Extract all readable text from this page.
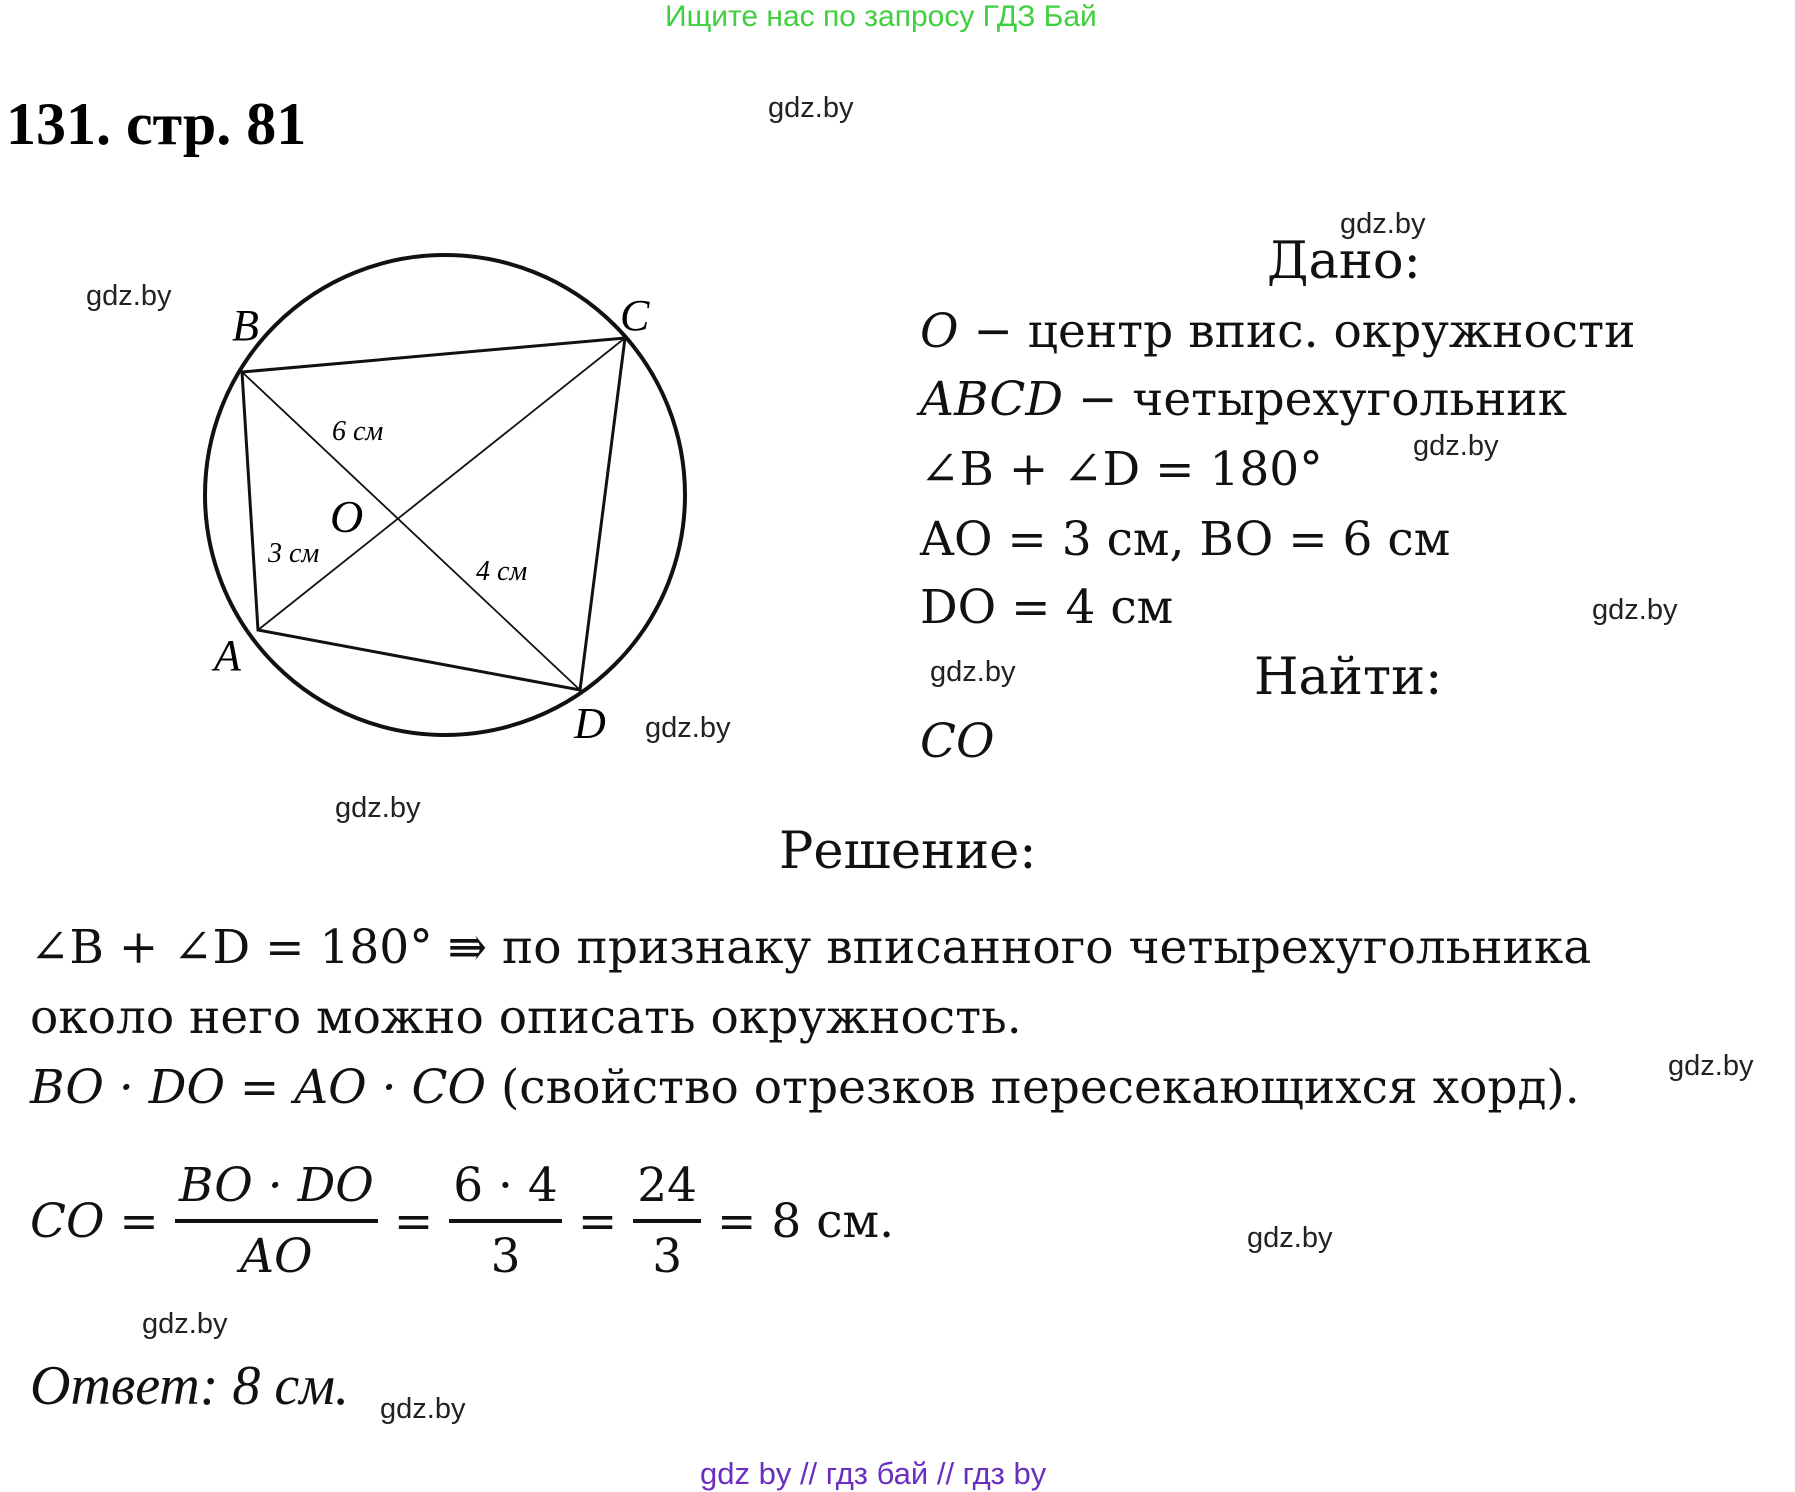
Ищите нас по запросу ГДЗ Бай
131. стр. 81	gdz.by
gdz.by
gdz.by
gdz.by
gdz.by
gdz.by
gdz.by
gdz.by
gdz.by
gdz.by
gdz.by
gdz.by
B	C
A
D
O
6 см
3 см
4 см
Дано:
O − центр впис. окружности
ABCD − четырехугольник
∠B + ∠D = 180°
AO = 3 см, BO = 6 см
DO = 4 см
Найти:
CO
Решение:
∠B + ∠D = 180° ⇛ по признаку вписанного четырехугольника
около него можно описать окружность.
BO · DO = AO · CO (свойство отрезков пересекающихся хорд).
CO = $\frac{BO \cdot DO}{AO} = \frac{6 \cdot 4}{3} = \frac{24}{3} = 8$ см.
Ответ: 8 см.
gdz by // гдз бай // гдз by
